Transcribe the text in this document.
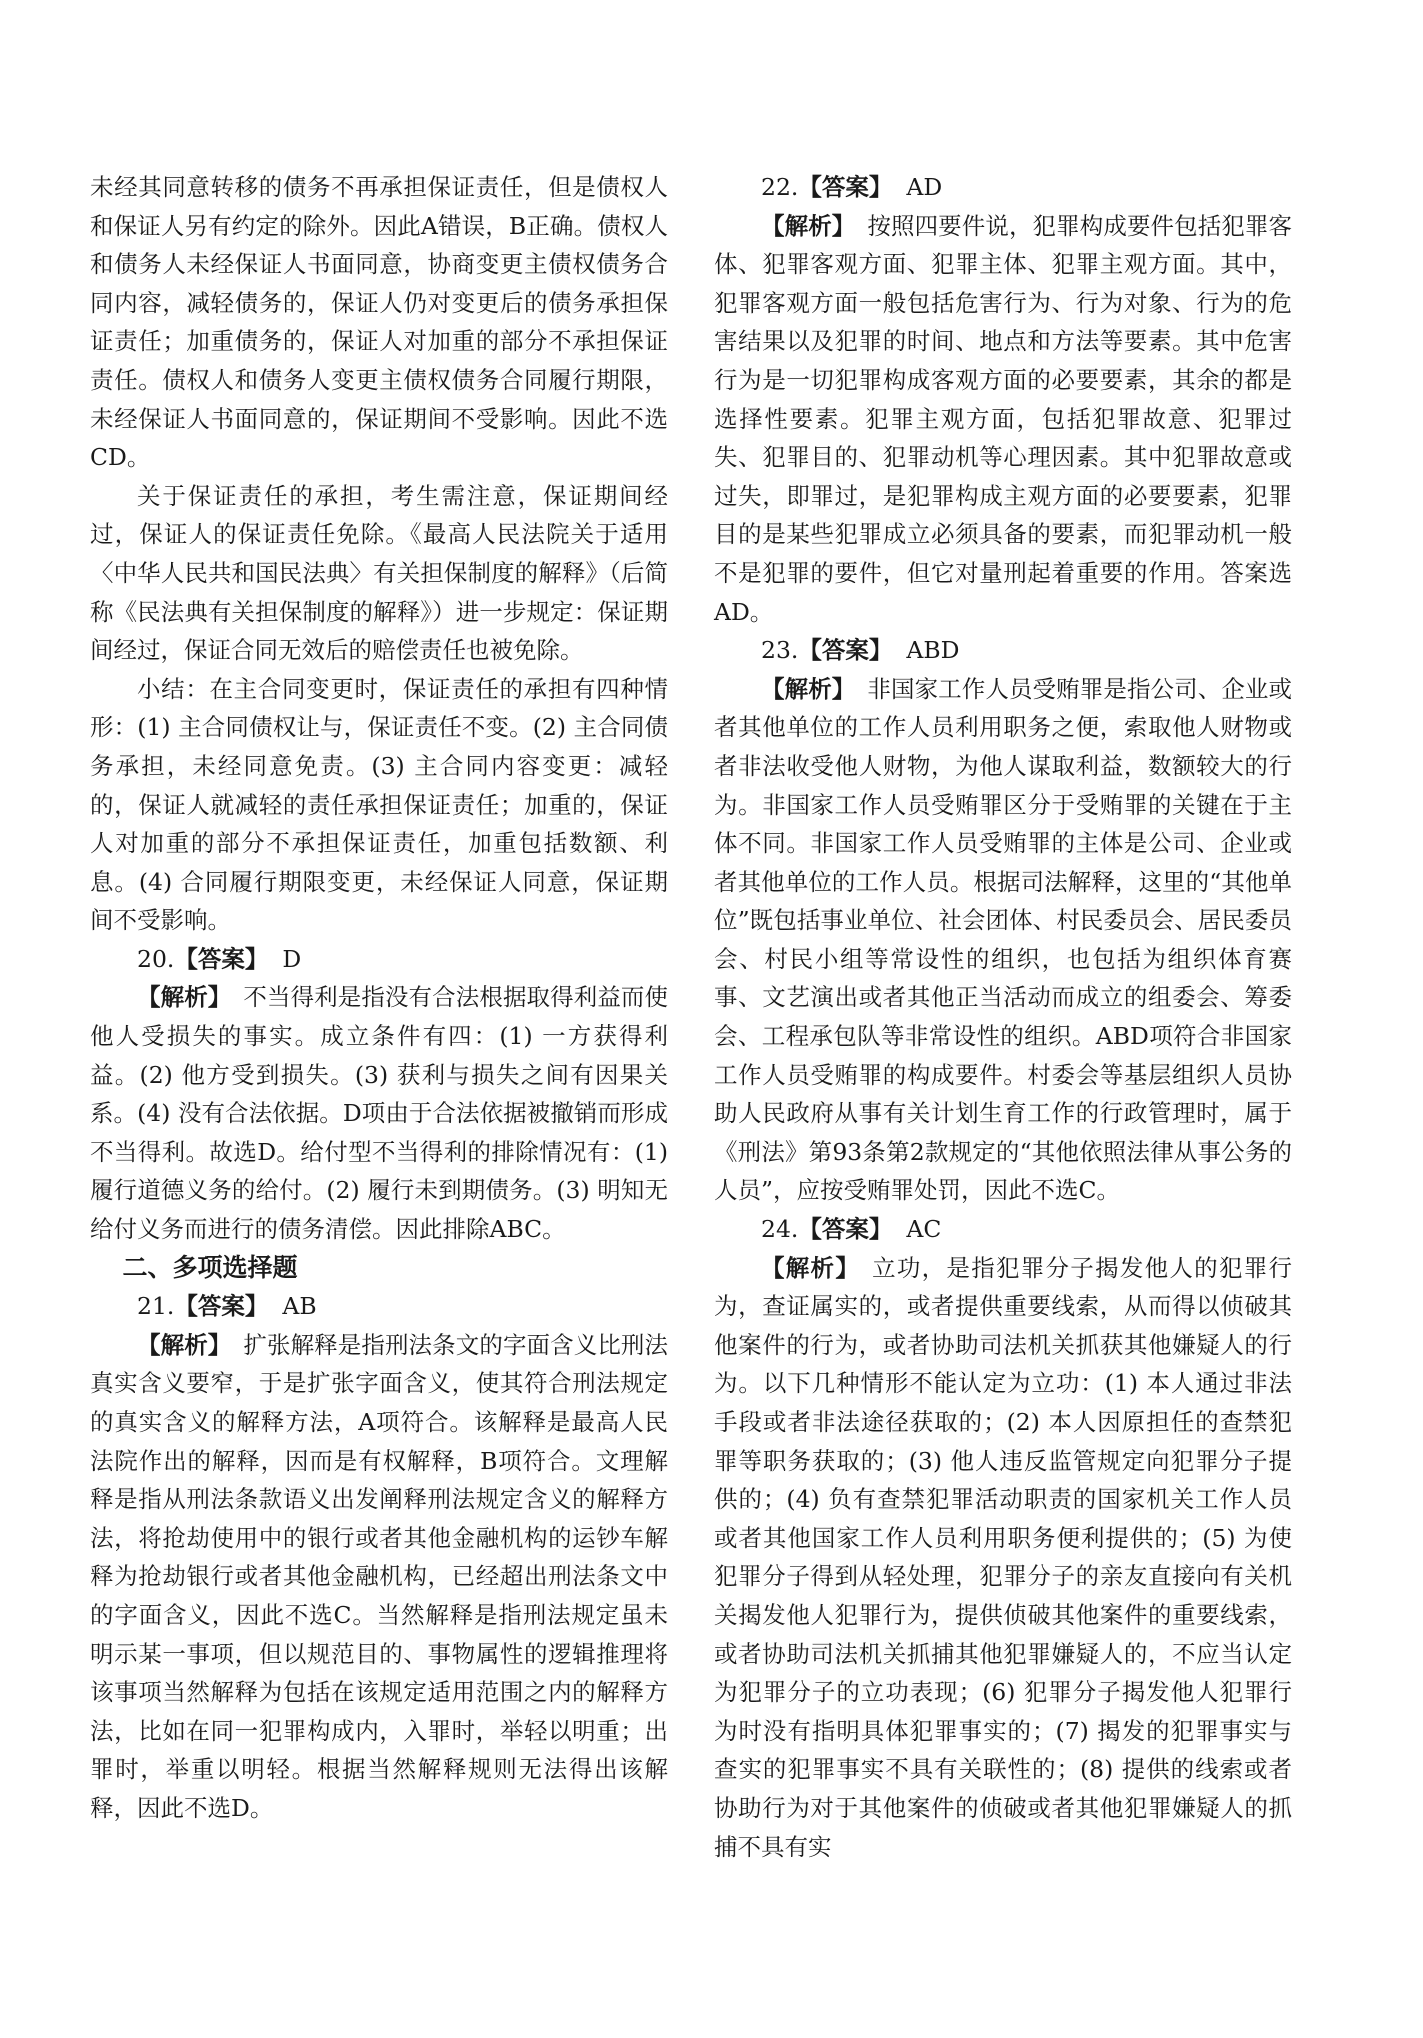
未经其同意转移的债务不再承担保证责任，但是债权人和保证人另有约定的除外。因此A错误，B正确。债权人和债务人未经保证人书面同意，协商变更主债权债务合同内容，减轻债务的，保证人仍对变更后的债务承担保证责任；加重债务的，保证人对加重的部分不承担保证责任。债权人和债务人变更主债权债务合同履行期限，未经保证人书面同意的，保证期间不受影响。因此不选CD。

关于保证责任的承担，考生需注意，保证期间经过，保证人的保证责任免除。《最高人民法院关于适用〈中华人民共和国民法典〉有关担保制度的解释》（后简称《民法典有关担保制度的解释》）进一步规定：保证期间经过，保证合同无效后的赔偿责任也被免除。

小结：在主合同变更时，保证责任的承担有四种情形：(1) 主合同债权让与，保证责任不变。(2) 主合同债务承担，未经同意免责。(3) 主合同内容变更：减轻的，保证人就减轻的责任承担保证责任；加重的，保证人对加重的部分不承担保证责任，加重包括数额、利息。(4) 合同履行期限变更，未经保证人同意，保证期间不受影响。

20.【答案】 D

【解析】 不当得利是指没有合法根据取得利益而使他人受损失的事实。成立条件有四：(1) 一方获得利益。(2) 他方受到损失。(3) 获利与损失之间有因果关系。(4) 没有合法依据。D项由于合法依据被撤销而形成不当得利。故选D。给付型不当得利的排除情况有：(1) 履行道德义务的给付。(2) 履行未到期债务。(3) 明知无给付义务而进行的债务清偿。因此排除ABC。

二、多项选择题

21.【答案】 AB

【解析】 扩张解释是指刑法条文的字面含义比刑法真实含义要窄，于是扩张字面含义，使其符合刑法规定的真实含义的解释方法，A项符合。该解释是最高人民法院作出的解释，因而是有权解释，B项符合。文理解释是指从刑法条款语义出发阐释刑法规定含义的解释方法，将抢劫使用中的银行或者其他金融机构的运钞车解释为抢劫银行或者其他金融机构，已经超出刑法条文中的字面含义，因此不选C。当然解释是指刑法规定虽未明示某一事项，但以规范目的、事物属性的逻辑推理将该事项当然解释为包括在该规定适用范围之内的解释方法，比如在同一犯罪构成内，入罪时，举轻以明重；出罪时，举重以明轻。根据当然解释规则无法得出该解释，因此不选D。

22.【答案】 AD

【解析】 按照四要件说，犯罪构成要件包括犯罪客体、犯罪客观方面、犯罪主体、犯罪主观方面。其中，犯罪客观方面一般包括危害行为、行为对象、行为的危害结果以及犯罪的时间、地点和方法等要素。其中危害行为是一切犯罪构成客观方面的必要要素，其余的都是选择性要素。犯罪主观方面，包括犯罪故意、犯罪过失、犯罪目的、犯罪动机等心理因素。其中犯罪故意或过失，即罪过，是犯罪构成主观方面的必要要素，犯罪目的是某些犯罪成立必须具备的要素，而犯罪动机一般不是犯罪的要件，但它对量刑起着重要的作用。答案选AD。

23.【答案】 ABD

【解析】 非国家工作人员受贿罪是指公司、企业或者其他单位的工作人员利用职务之便，索取他人财物或者非法收受他人财物，为他人谋取利益，数额较大的行为。非国家工作人员受贿罪区分于受贿罪的关键在于主体不同。非国家工作人员受贿罪的主体是公司、企业或者其他单位的工作人员。根据司法解释，这里的“其他单位”既包括事业单位、社会团体、村民委员会、居民委员会、村民小组等常设性的组织，也包括为组织体育赛事、文艺演出或者其他正当活动而成立的组委会、筹委会、工程承包队等非常设性的组织。ABD项符合非国家工作人员受贿罪的构成要件。村委会等基层组织人员协助人民政府从事有关计划生育工作的行政管理时，属于《刑法》第93条第2款规定的“其他依照法律从事公务的人员”，应按受贿罪处罚，因此不选C。

24.【答案】 AC

【解析】 立功，是指犯罪分子揭发他人的犯罪行为，查证属实的，或者提供重要线索，从而得以侦破其他案件的行为，或者协助司法机关抓获其他嫌疑人的行为。以下几种情形不能认定为立功：(1) 本人通过非法手段或者非法途径获取的；(2) 本人因原担任的查禁犯罪等职务获取的；(3) 他人违反监管规定向犯罪分子提供的；(4) 负有查禁犯罪活动职责的国家机关工作人员或者其他国家工作人员利用职务便利提供的；(5) 为使犯罪分子得到从轻处理，犯罪分子的亲友直接向有关机关揭发他人犯罪行为，提供侦破其他案件的重要线索，或者协助司法机关抓捕其他犯罪嫌疑人的，不应当认定为犯罪分子的立功表现；(6) 犯罪分子揭发他人犯罪行为时没有指明具体犯罪事实的；(7) 揭发的犯罪事实与查实的犯罪事实不具有关联性的；(8) 提供的线索或者协助行为对于其他案件的侦破或者其他犯罪嫌疑人的抓捕不具有实
